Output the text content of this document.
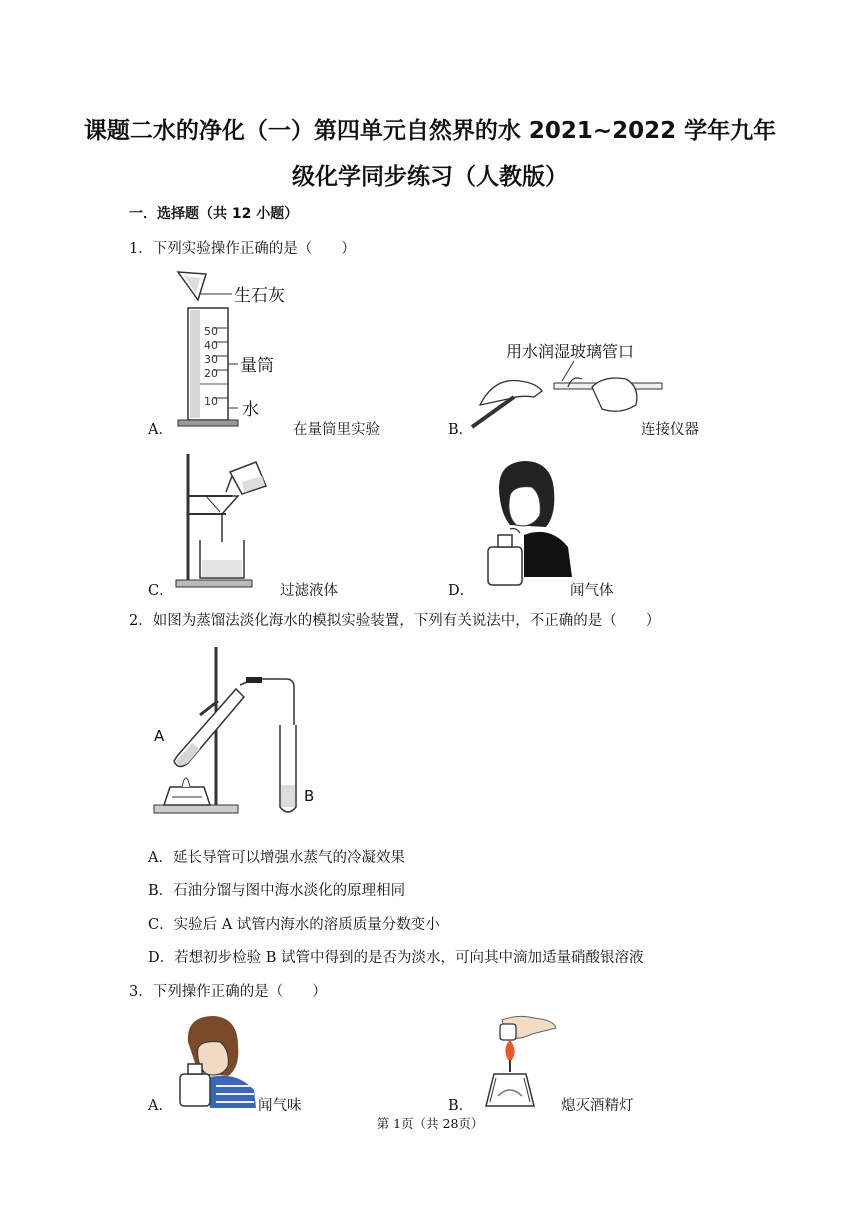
课题二水的净化（一）第四单元自然界的水 2021~2022 学年九年
级化学同步练习（人教版）
一．选择题（共 12 小题）
1．下列实验操作正确的是（　　）
50
40
30
20
10
生石灰
量筒
水
A．	在量筒里实验
用水润湿玻璃管口
B．	连接仪器
C．	过滤液体	D．	闻气体
2．如图为蒸馏法淡化海水的模拟实验装置，下列有关说法中，不正确的是（　　）
A
B
A．延长导管可以增强水蒸气的冷凝效果
B．石油分馏与图中海水淡化的原理相同
C．实验后 A 试管内海水的溶质质量分数变小
D．若想初步检验 B 试管中得到的是否为淡水，可向其中滴加适量硝酸银溶液
3．下列操作正确的是（　　）
A．	闻气味	B．	熄灭酒精灯
第 1页（共 28页）
